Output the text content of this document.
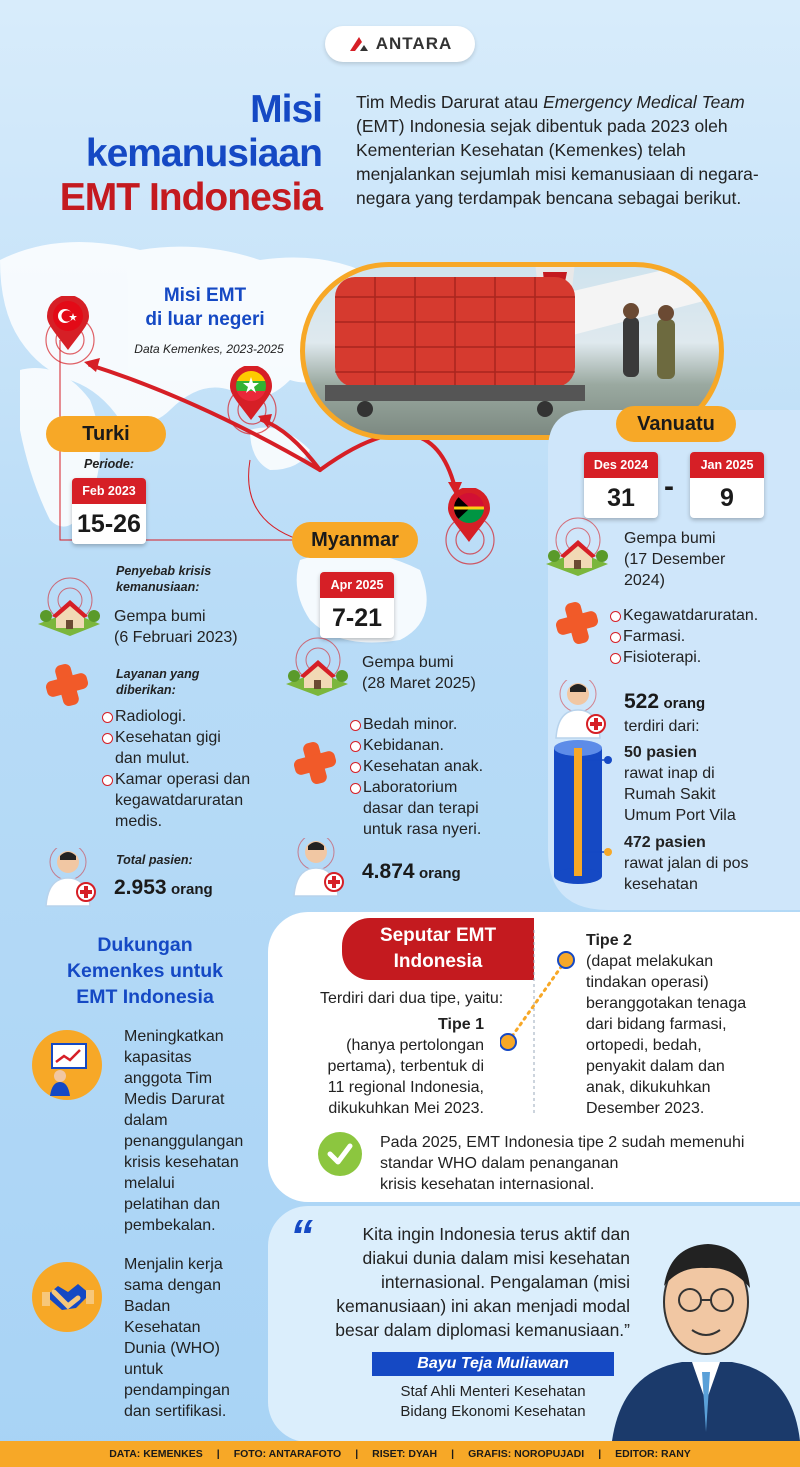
ANTARA
Misi
kemanusiaan
EMT Indonesia
Tim Medis Darurat atau Emergency Medical Team (EMT) Indonesia sejak dibentuk pada 2023 oleh Kementerian Kesehatan (Kemenkes) telah menjalankan sejumlah misi kemanusiaan di negara-negara yang terdampak bencana sebagai berikut.
Misi EMT
di luar negeri
Data Kemenkes, 2023-2025
Turki
Periode:
Feb 2023
15-26
Penyebab krisis
kemanusiaan:
Gempa bumi
(6 Februari 2023)
Layanan yang
diberikan:
Radiologi.
Kesehatan gigi
dan mulut.
Kamar operasi dan
kegawatdaruratan
medis.
Total pasien:
2.953 orang
Myanmar
Apr 2025
7-21
Gempa bumi
(28 Maret 2025)
Bedah minor.
Kebidanan.
Kesehatan anak.
Laboratorium
dasar dan terapi
untuk rasa nyeri.
4.874 orang
Vanuatu
Des 2024
31 -
Jan 2025
9
Gempa bumi
(17 Desember
2024)
Kegawatdaruratan.
Farmasi.
Fisioterapi.
522 orang
terdiri dari:
50 pasien
rawat inap di
Rumah Sakit
Umum Port Vila
472 pasien
rawat jalan di pos
kesehatan
Dukungan
Kemenkes untuk
EMT Indonesia
Meningkatkan
kapasitas
anggota Tim
Medis Darurat
dalam
penanggulangan
krisis kesehatan
melalui
pelatihan dan
pembekalan.
Menjalin kerja
sama dengan
Badan
Kesehatan
Dunia (WHO)
untuk
pendampingan
dan sertifikasi.
Seputar EMT
Indonesia
Terdiri dari dua tipe, yaitu:
Tipe 1
(hanya pertolongan
pertama), terbentuk di
11 regional Indonesia,
dikukuhkan Mei 2023.
Tipe 2
(dapat melakukan
tindakan operasi)
beranggotakan tenaga
dari bidang farmasi,
ortopedi, bedah,
penyakit dalam dan
anak, dikukuhkan
Desember 2023.
Pada 2025, EMT Indonesia tipe 2 sudah memenuhi
standar WHO dalam penanganan
krisis kesehatan internasional.
“	Kita ingin Indonesia terus aktif dan
diakui dunia dalam misi kesehatan
internasional. Pengalaman (misi
kemanusiaan) ini akan menjadi modal
besar dalam diplomasi kemanusiaan.”
Bayu Teja Muliawan
Staf Ahli Menteri Kesehatan
Bidang Ekonomi Kesehatan
DATA: KEMENKES | FOTO: ANTARAFOTO | RISET: DYAH | GRAFIS: NOROPUJADI | EDITOR: RANY
